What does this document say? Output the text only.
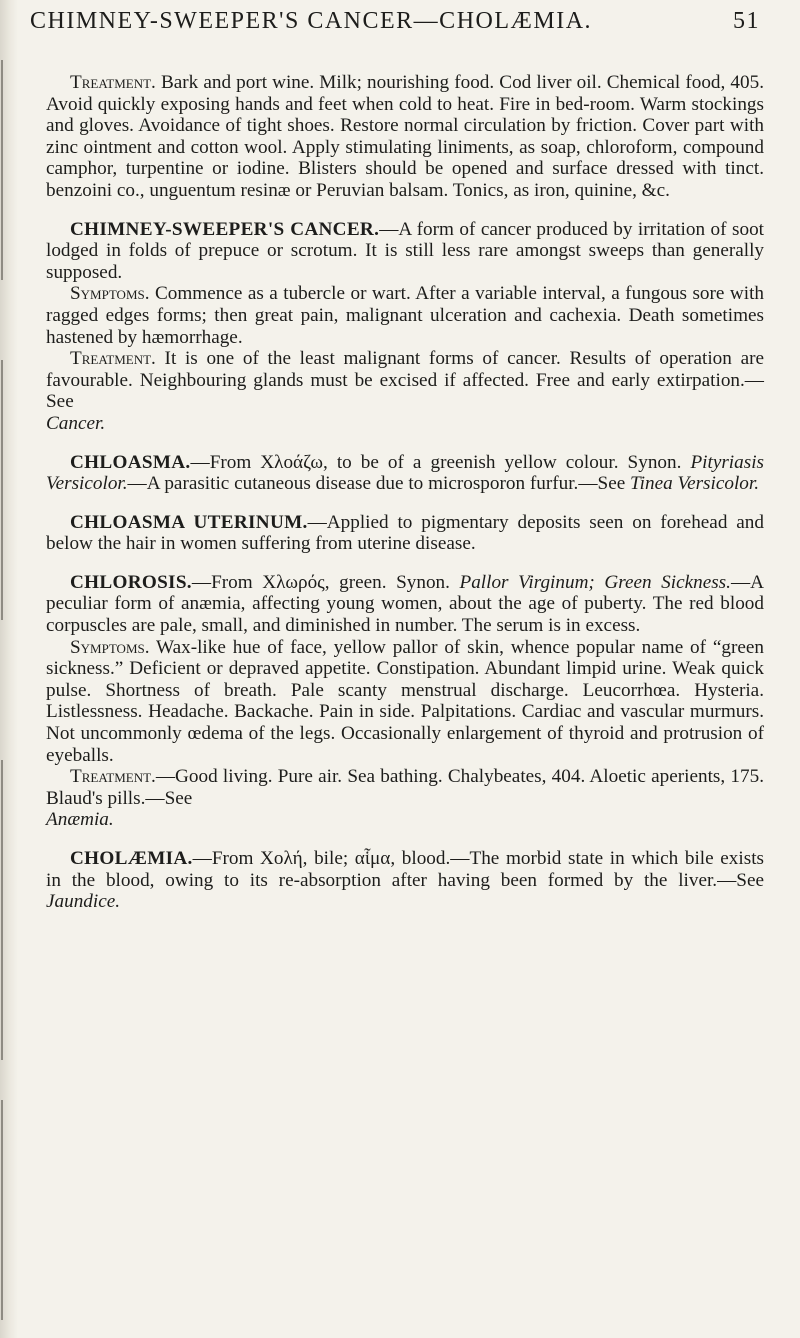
CHIMNEY-SWEEPER'S CANCER—CHOLÆMIA.	51

Treatment. Bark and port wine. Milk; nourishing food. Cod liver oil. Chemical food, 405. Avoid quickly exposing hands and feet when cold to heat. Fire in bed-room. Warm stockings and gloves. Avoidance of tight shoes. Restore normal circulation by friction. Cover part with zinc ointment and cotton wool. Apply stimulating liniments, as soap, chloroform, compound camphor, turpentine or iodine. Blisters should be opened and surface dressed with tinct. benzoini co., unguentum resinæ or Peruvian balsam. Tonics, as iron, quinine, &c.

CHIMNEY-SWEEPER'S CANCER.—A form of cancer produced by irritation of soot lodged in folds of prepuce or scrotum. It is still less rare amongst sweeps than generally supposed.

Symptoms. Commence as a tubercle or wart. After a variable interval, a fungous sore with ragged edges forms; then great pain, malignant ulceration and cachexia. Death sometimes hastened by hæmorrhage.

Treatment. It is one of the least malignant forms of cancer. Results of operation are favourable. Neighbouring glands must be excised if affected. Free and early extirpation.—See

Cancer.

CHLOASMA.—From Χλοάζω, to be of a greenish yellow colour. Synon. Pityriasis Versicolor.—A parasitic cutaneous disease due to microsporon furfur.—See Tinea Versicolor.

CHLOASMA UTERINUM.—Applied to pigmentary deposits seen on forehead and below the hair in women suffering from uterine disease.

CHLOROSIS.—From Χλωρός, green. Synon. Pallor Virginum; Green Sickness.—A peculiar form of anæmia, affecting young women, about the age of puberty. The red blood corpuscles are pale, small, and diminished in number. The serum is in excess.

Symptoms. Wax-like hue of face, yellow pallor of skin, whence popular name of “green sickness.” Deficient or depraved appetite. Constipation. Abundant limpid urine. Weak quick pulse. Shortness of breath. Pale scanty menstrual discharge. Leucorrhœa. Hysteria. Listlessness. Headache. Backache. Pain in side. Palpitations. Cardiac and vascular murmurs. Not uncommonly œdema of the legs. Occasionally enlargement of thyroid and protrusion of eyeballs.

Treatment.—Good living. Pure air. Sea bathing. Chalybeates, 404. Aloetic aperients, 175. Blaud's pills.—See

Anæmia.

CHOLÆMIA.—From Χολή, bile; αἷμα, blood.—The morbid state in which bile exists in the blood, owing to its re-absorption after having been formed by the liver.—See Jaundice.
